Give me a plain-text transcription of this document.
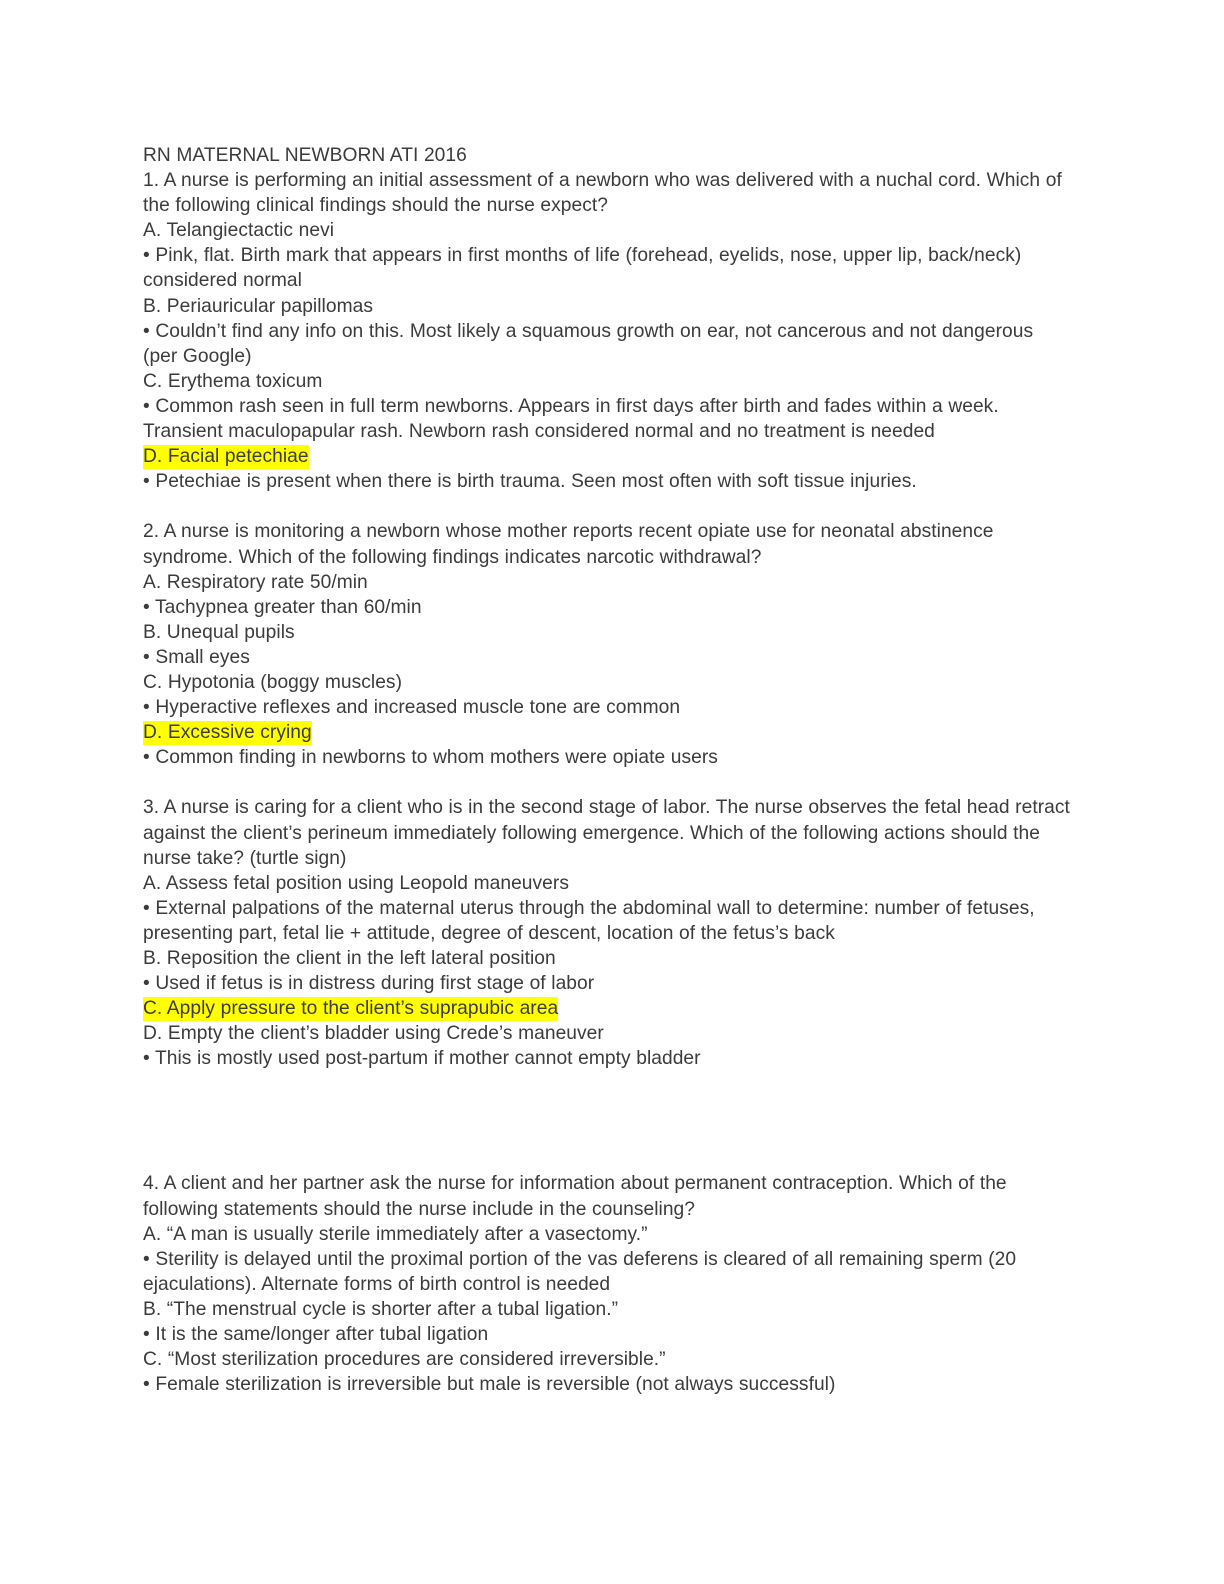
RN MATERNAL NEWBORN ATI 2016
1. A nurse is performing an initial assessment of a newborn who was delivered with a nuchal cord. Which of the following clinical findings should the nurse expect?
A. Telangiectactic nevi
• Pink, flat. Birth mark that appears in first months of life (forehead, eyelids, nose, upper lip, back/neck) considered normal
B. Periauricular papillomas
• Couldn’t find any info on this. Most likely a squamous growth on ear, not cancerous and not dangerous (per Google)
C. Erythema toxicum
• Common rash seen in full term newborns. Appears in first days after birth and fades within a week. Transient maculopapular rash. Newborn rash considered normal and no treatment is needed
D. Facial petechiae
• Petechiae is present when there is birth trauma. Seen most often with soft tissue injuries.
2. A nurse is monitoring a newborn whose mother reports recent opiate use for neonatal abstinence syndrome. Which of the following findings indicates narcotic withdrawal?
A. Respiratory rate 50/min
• Tachypnea greater than 60/min
B. Unequal pupils
• Small eyes
C. Hypotonia (boggy muscles)
• Hyperactive reflexes and increased muscle tone are common
D. Excessive crying
• Common finding in newborns to whom mothers were opiate users
3. A nurse is caring for a client who is in the second stage of labor. The nurse observes the fetal head retract against the client’s perineum immediately following emergence. Which of the following actions should the nurse take? (turtle sign)
A. Assess fetal position using Leopold maneuvers
• External palpations of the maternal uterus through the abdominal wall to determine: number of fetuses, presenting part, fetal lie + attitude, degree of descent, location of the fetus’s back
B. Reposition the client in the left lateral position
• Used if fetus is in distress during first stage of labor
C. Apply pressure to the client’s suprapubic area
D. Empty the client’s bladder using Crede’s maneuver
• This is mostly used post-partum if mother cannot empty bladder
4. A client and her partner ask the nurse for information about permanent contraception. Which of the following statements should the nurse include in the counseling?
A. “A man is usually sterile immediately after a vasectomy.”
• Sterility is delayed until the proximal portion of the vas deferens is cleared of all remaining sperm (20 ejaculations). Alternate forms of birth control is needed
B. “The menstrual cycle is shorter after a tubal ligation.”
• It is the same/longer after tubal ligation
C. “Most sterilization procedures are considered irreversible.”
• Female sterilization is irreversible but male is reversible (not always successful)
